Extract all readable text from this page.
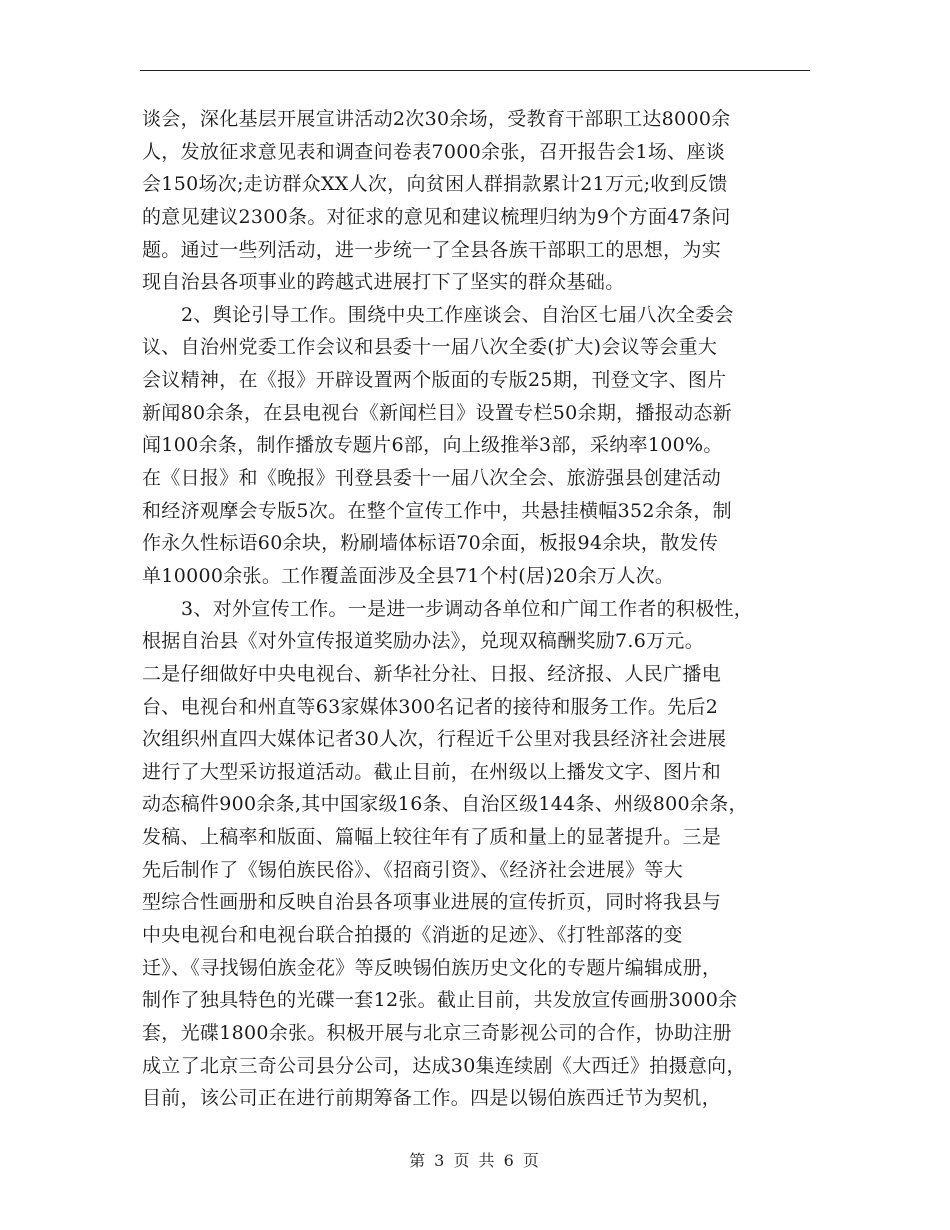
谈会，深化基层开展宣讲活动2次30余场，受教育干部职工达8000余
人，发放征求意见表和调查问卷表7000余张，召开报告会1场、座谈
会150场次;走访群众XX人次，向贫困人群捐款累计21万元;收到反馈
的意见建议2300条。对征求的意见和建议梳理归纳为9个方面47条问
题。通过一些列活动，进一步统一了全县各族干部职工的思想，为实
现自治县各项事业的跨越式进展打下了坚实的群众基础。
2、舆论引导工作。围绕中央工作座谈会、自治区七届八次全委会
议、自治州党委工作会议和县委十一届八次全委(扩大)会议等会重大
会议精神，在《报》开辟设置两个版面的专版25期，刊登文字、图片
新闻80余条，在县电视台《新闻栏目》设置专栏50余期，播报动态新
闻100余条，制作播放专题片6部，向上级推举3部，采纳率100%。
在《日报》和《晚报》刊登县委十一届八次全会、旅游强县创建活动
和经济观摩会专版5次。在整个宣传工作中，共悬挂横幅352余条，制
作永久性标语60余块，粉刷墙体标语70余面，板报94余块，散发传
单10000余张。工作覆盖面涉及全县71个村(居)20余万人次。
3、对外宣传工作。一是进一步调动各单位和广闻工作者的积极性，
根据自治县《对外宣传报道奖励办法》，兑现双稿酬奖励7.6万元。
二是仔细做好中央电视台、新华社分社、日报、经济报、人民广播电
台、电视台和州直等63家媒体300名记者的接待和服务工作。先后2
次组织州直四大媒体记者30人次，行程近千公里对我县经济社会进展
进行了大型采访报道活动。截止目前，在州级以上播发文字、图片和
动态稿件900余条,其中国家级16条、自治区级144条、州级800余条，
发稿、上稿率和版面、篇幅上较往年有了质和量上的显著提升。三是
先后制作了《锡伯族民俗》、《招商引资》、《经济社会进展》等大
型综合性画册和反映自治县各项事业进展的宣传折页，同时将我县与
中央电视台和电视台联合拍摄的《消逝的足迹》、《打牲部落的变
迁》、《寻找锡伯族金花》等反映锡伯族历史文化的专题片编辑成册，
制作了独具特色的光碟一套12张。截止目前，共发放宣传画册3000余
套，光碟1800余张。积极开展与北京三奇影视公司的合作，协助注册
成立了北京三奇公司县分公司，达成30集连续剧《大西迁》拍摄意向，
目前，该公司正在进行前期筹备工作。四是以锡伯族西迁节为契机，
第 3 页 共 6 页
